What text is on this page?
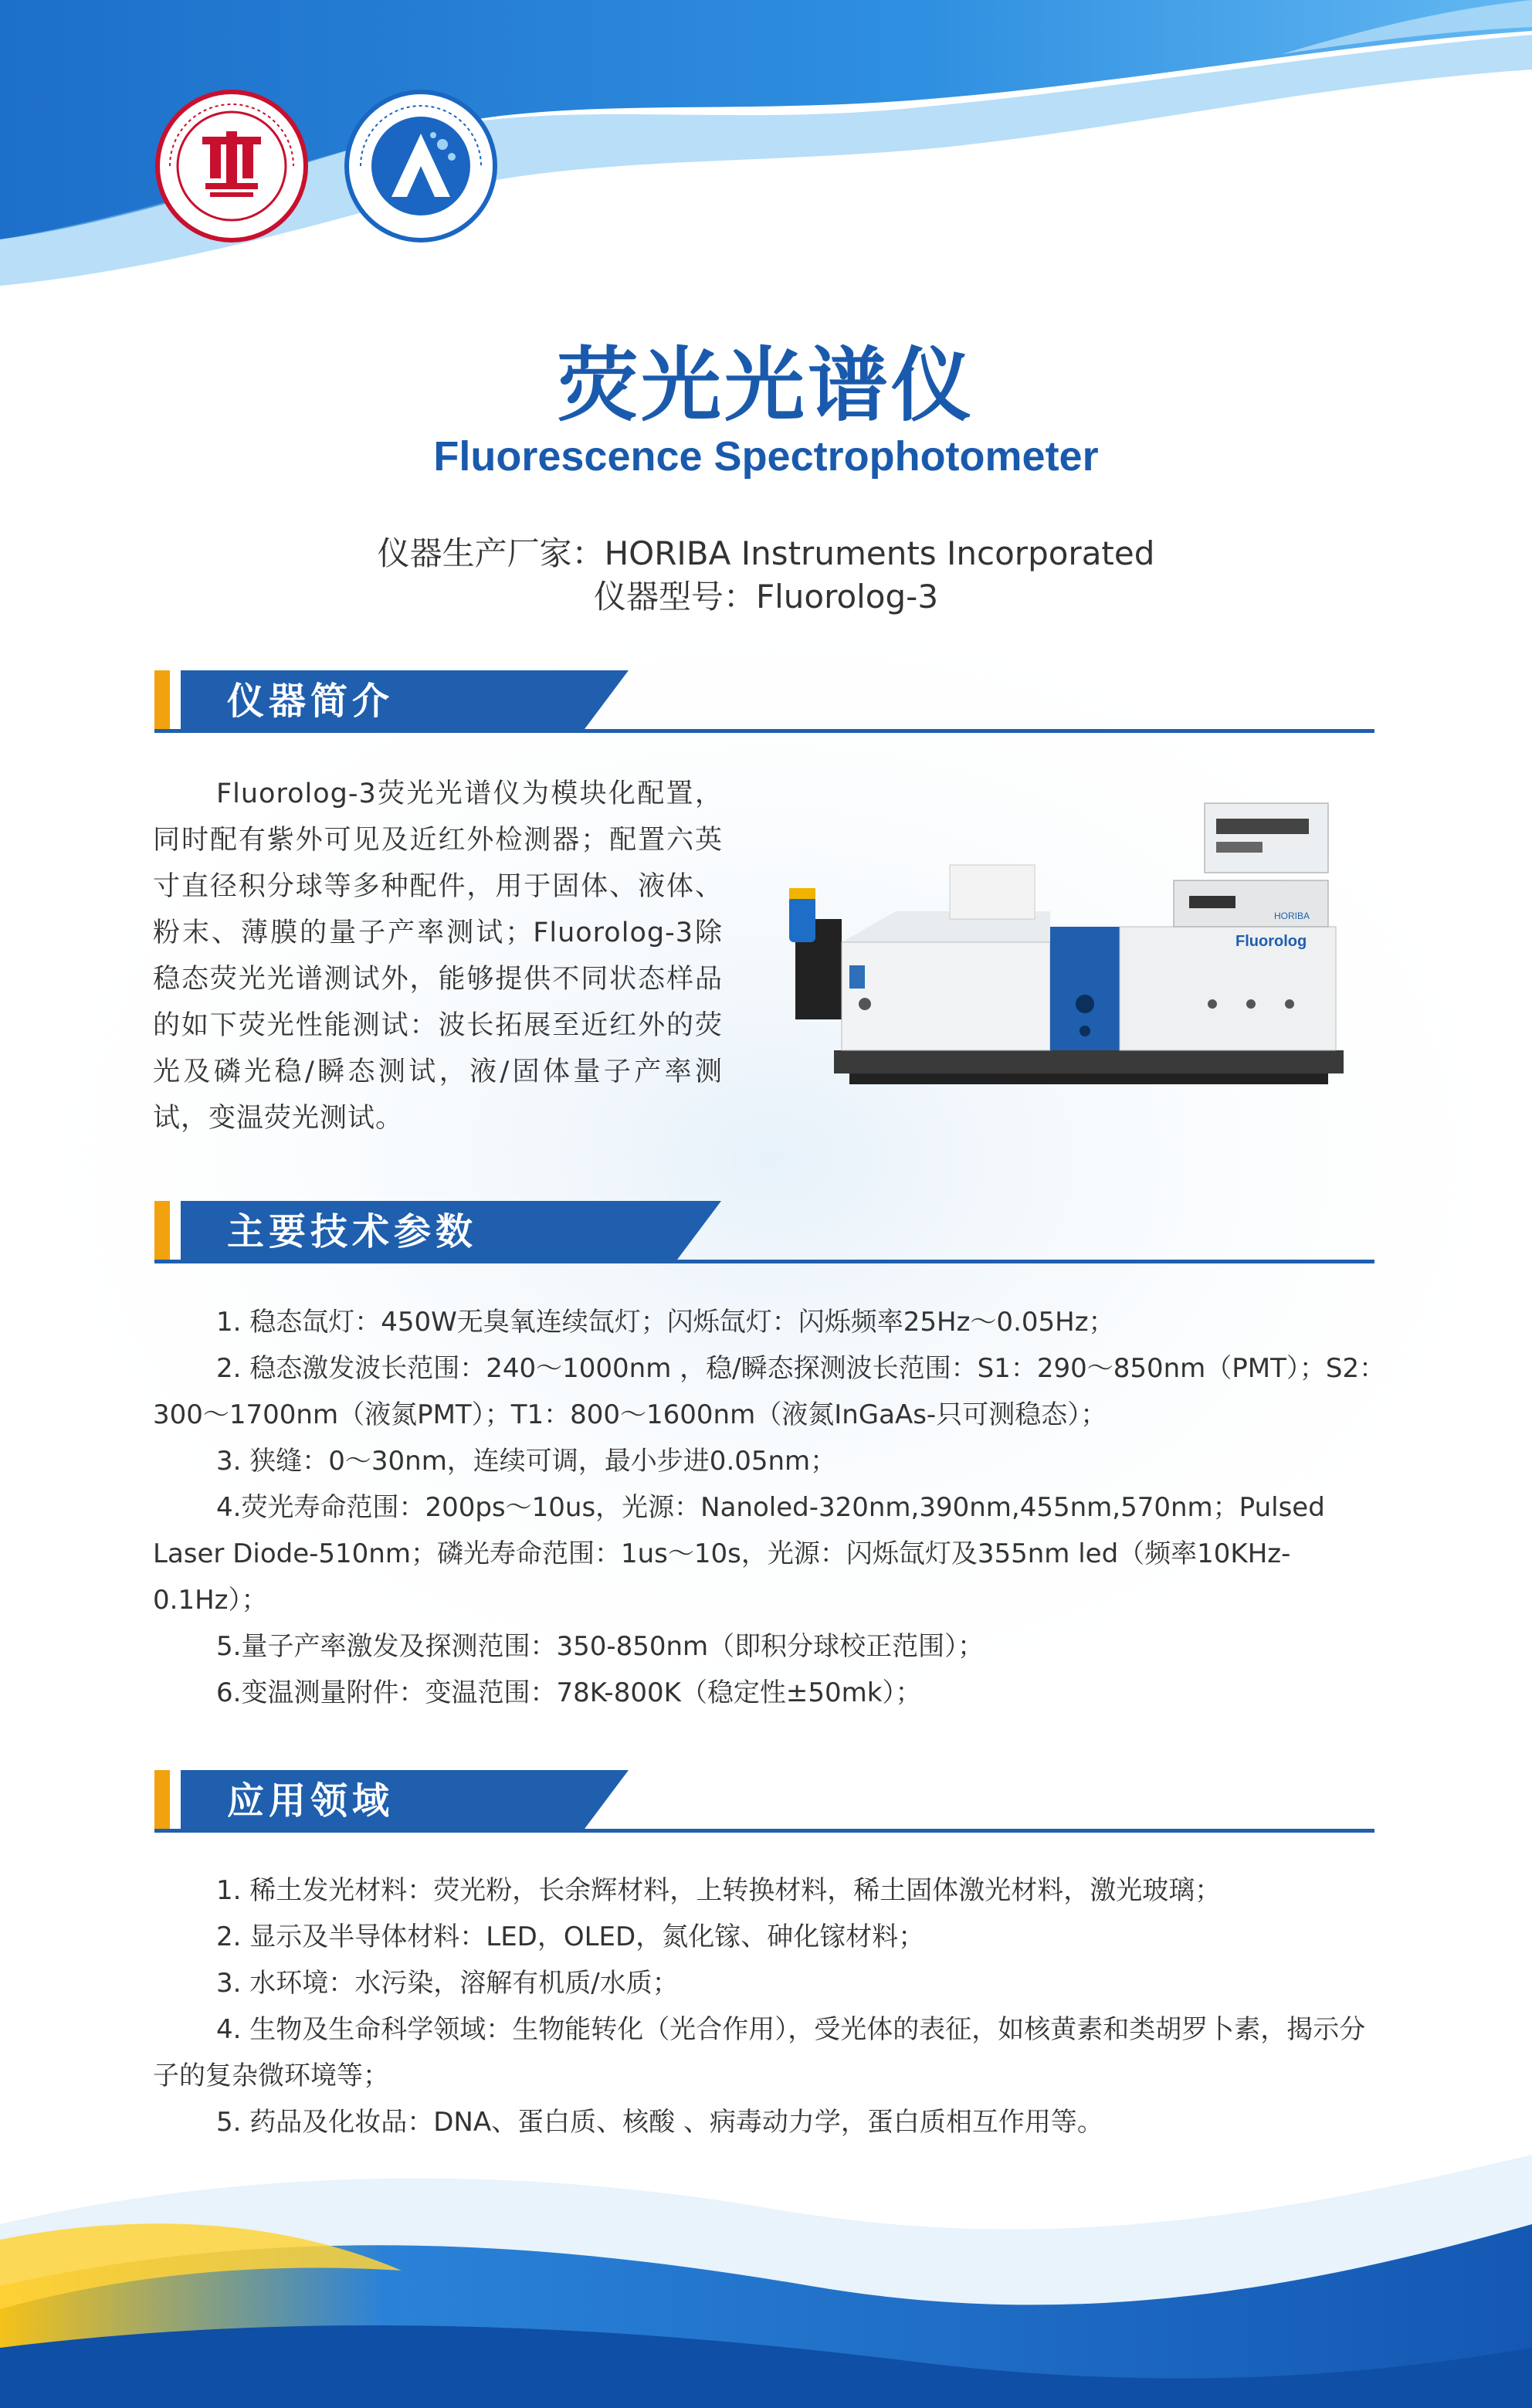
荧光光谱仪
Fluorescence Spectrophotometer
仪器生产厂家：HORIBA Instruments Incorporated
仪器型号：Fluorolog-3
仪器简介
Fluorolog-3荧光光谱仪为模块化配置，同时配有紫外可见及近红外检测器；配置六英寸直径积分球等多种配件，用于固体、液体、粉末、薄膜的量子产率测试；Fluorolog-3除稳态荧光光谱测试外，能够提供不同状态样品的如下荧光性能测试：波长拓展至近红外的荧光及磷光稳/瞬态测试，液/固体量子产率测试，变温荧光测试。
Fluorolog
HORIBA
主要技术参数

1. 稳态氙灯：450W无臭氧连续氙灯；闪烁氙灯：闪烁频率25Hz～0.05Hz；

2. 稳态激发波长范围：240～1000nm ，稳/瞬态探测波长范围：S1：290～850nm（PMT）；S2：300～1700nm（液氮PMT）；T1：800～1600nm（液氮InGaAs-只可测稳态）；

3. 狭缝：0～30nm，连续可调，最小步进0.05nm；

4.荧光寿命范围：200ps～10us，光源：Nanoled-320nm,390nm,455nm,570nm；Pulsed Laser Diode-510nm；磷光寿命范围：1us～10s，光源：闪烁氙灯及355nm led（频率10KHz-0.1Hz）；

5.量子产率激发及探测范围：350-850nm（即积分球校正范围）；

6.变温测量附件：变温范围：78K-800K（稳定性±50mk）；

应用领域

1. 稀土发光材料：荧光粉，长余辉材料，上转换材料，稀土固体激光材料，激光玻璃；

2. 显示及半导体材料：LED，OLED，氮化镓、砷化镓材料；

3. 水环境：水污染，溶解有机质/水质；

4. 生物及生命科学领域：生物能转化（光合作用），受光体的表征，如核黄素和类胡罗卜素，揭示分子的复杂微环境等；

5. 药品及化妆品：DNA、蛋白质、核酸 、病毒动力学，蛋白质相互作用等。
